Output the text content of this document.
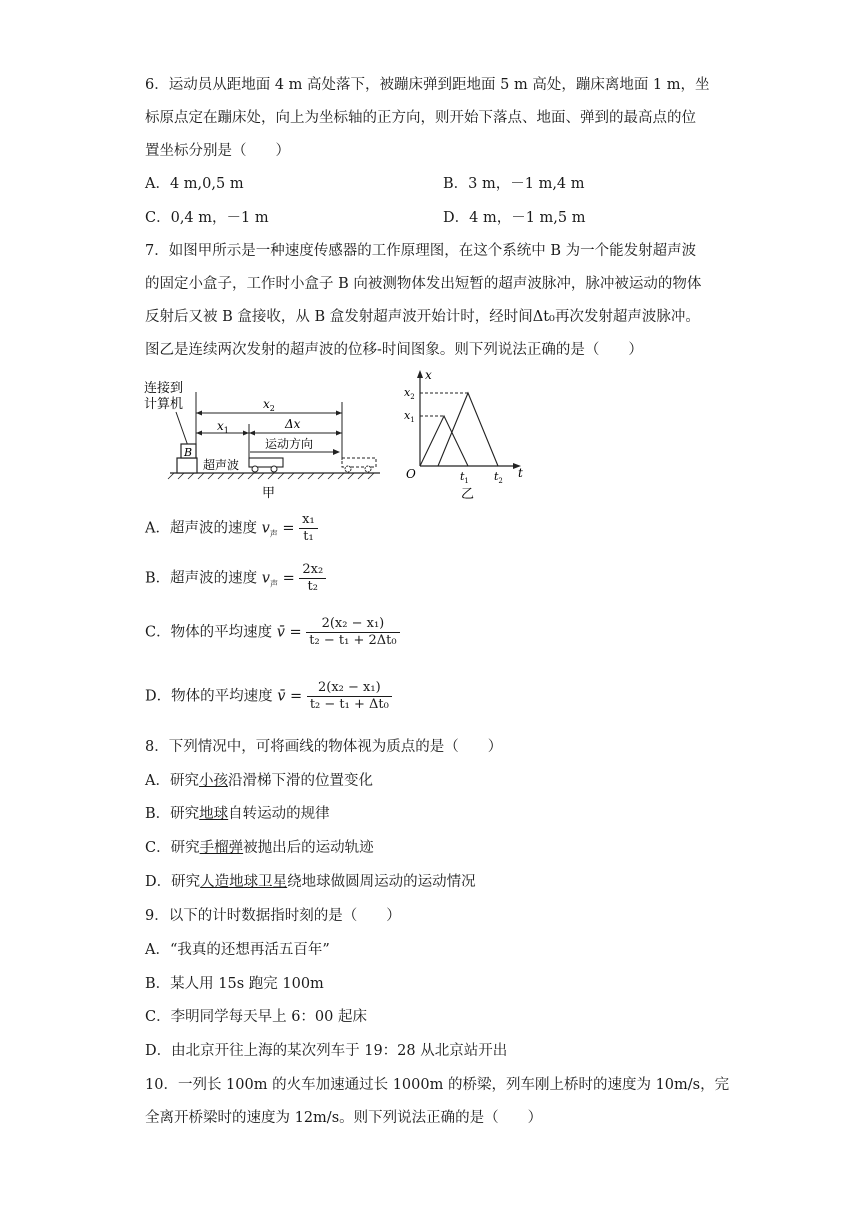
6．运动员从距地面 4 m 高处落下，被蹦床弹到距地面 5 m 高处，蹦床离地面 1 m，坐
标原点定在蹦床处，向上为坐标轴的正方向，则开始下落点、地面、弹到的最高点的位
置坐标分别是（　　）
A．4 m,0,5 m	B．3 m，－1 m,4 m
C．0,4 m，－1 m	D．4 m，－1 m,5 m
7．如图甲所示是一种速度传感器的工作原理图，在这个系统中 B 为一个能发射超声波
的固定小盒子，工作时小盒子 B 向被测物体发出短暂的超声波脉冲，脉冲被运动的物体
反射后又被 B 盒接收，从 B 盒发射超声波开始计时，经时间Δt₀再次发射超声波脉冲。
图乙是连续两次发射的超声波的位移-时间图象。则下列说法正确的是（　　）
连接到
计算机
B
$x_2$
$x_1$	Δx
运动方向
超声波
甲
x
t
O
$x_2$
$x_1$
$t_1$ $t_2$
乙
A．超声波的速度 $v_声 = \frac{\text{x₁}}{\text{t₁}}$
B．超声波的速度 $v_声 = \frac{\text{2x₂}}{\text{t₂}}$
C．物体的平均速度 v̄ = $\frac{\text{2(x₂ − x₁)}}{\text{t₂ − t₁ + 2Δt₀}}$
D．物体的平均速度 v̄ = $\frac{\text{2(x₂ − x₁)}}{\text{t₂ − t₁ + Δt₀}}$
8．下列情况中，可将画线的物体视为质点的是（　　）
A．研究小孩沿滑梯下滑的位置变化
B．研究地球自转运动的规律
C．研究手榴弹被抛出后的运动轨迹
D．研究人造地球卫星绕地球做圆周运动的运动情况
9．以下的计时数据指时刻的是（　　）
A．“我真的还想再活五百年”
B．某人用 15s 跑完 100m
C．李明同学每天早上 6：00 起床
D．由北京开往上海的某次列车于 19：28 从北京站开出
10．一列长 100m 的火车加速通过长 1000m 的桥梁，列车刚上桥时的速度为 10m/s，完
全离开桥梁时的速度为 12m/s。则下列说法正确的是（　　）
